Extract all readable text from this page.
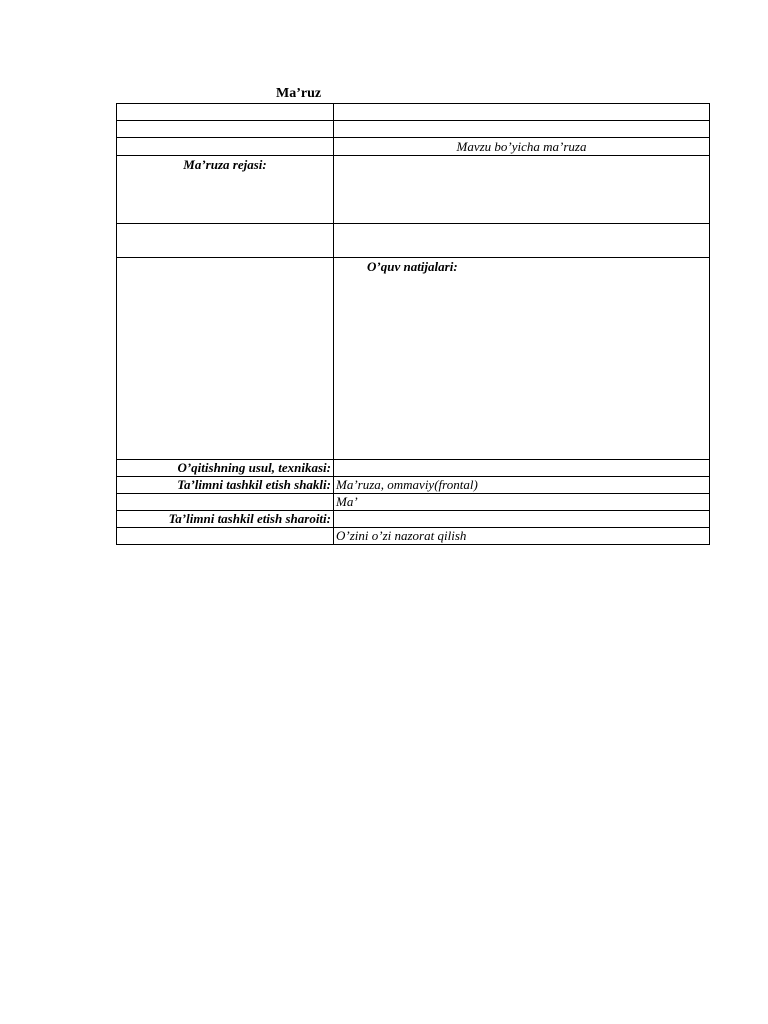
Ma’ruz

	Mavzu bo’yicha ma’ruza
Ma’ruza rejasi:	

	O’quv natijalari:
O’qitishning usul, texnikasi:	
Ta’limni tashkil etish shakli:	Ma’ruza, ommaviy(frontal)
	Ma’
Ta’limni tashkil etish sharoiti:	
	O’zini o’zi nazorat qilish
